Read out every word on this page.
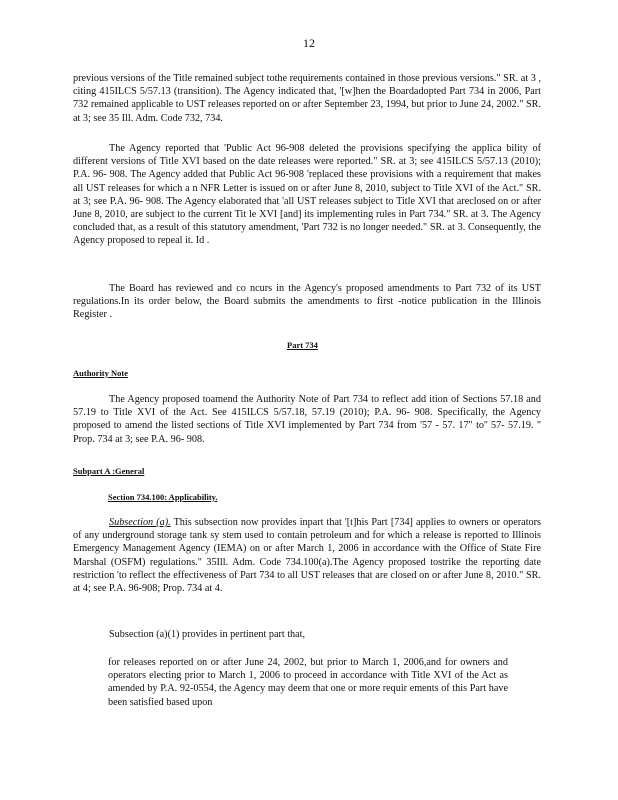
12

previous versions of the Title remained subject tothe requirements contained in those previous versions." SR. at 3 , citing 415ILCS 5/57.13 (transition). The Agency indicated that, '[w]hen the Boardadopted Part 734 in 2006, Part 732 remained applicable to UST releases reported on or after September 23, 1994, but prior to June 24, 2002." SR. at 3; see 35 Ill. Adm. Code 732, 734.

The Agency reported that 'Public Act 96-908 deleted the provisions specifying the applica bility of different versions of Title XVI based on the date releases were reported." SR. at 3; see 415ILCS 5/57.13 (2010); P.A. 96- 908. The Agency added that Public Act 96-908 'replaced these provisions with a requirement that makes all UST releases for which a n NFR Letter is issued on or after June 8, 2010, subject to Title XVI of the Act." SR. at 3; see P.A. 96- 908. The Agency elaborated that 'all UST releases subject to Title XVI that areclosed on or after June 8, 2010, are subject to the current Tit le XVI [and] its implementing rules in Part 734." SR. at 3. The Agency concluded that, as a result of this statutory amendment, 'Part 732 is no longer needed." SR. at 3. Consequently, the Agency proposed to repeal it. Id .

The Board has reviewed and co ncurs in the Agency's proposed amendments to Part 732 of its UST regulations.In its order below, the Board submits the amendments to first -notice publication in the Illinois Register .

Part 734
Authority Note

The Agency proposed toamend the Authority Note of Part 734 to reflect add ition of Sections 57.18 and 57.19 to Title XVI of the Act. See 415ILCS 5/57.18, 57.19 (2010); P.A. 96- 908. Specifically, the Agency proposed to amend the listed sections of Title XVI implemented by Part 734 from '57 - 57. 17" to'' 57- 57.19. " Prop. 734 at 3; see P.A. 96- 908.

Subpart A :General
Section 734.100: Applicability.

Subsection (a). This subsection now provides inpart that '[t]his Part [734] applies to owners or operators of any underground storage tank sy stem used to contain petroleum and for which a release is reported to Illinois Emergency Management Agency (IEMA) on or after March 1, 2006 in accordance with the Office of State Fire Marshal (OSFM) regulations." 35Ill. Adm. Code 734.100(a).The Agency proposed tostrike the reporting date restriction 'to reflect the effectiveness of Part 734 to all UST releases that are closed on or after June 8, 2010." SR. at 4; see P.A. 96-908; Prop. 734 at 4.

Subsection (a)(1) provides in pertinent part that,

for releases reported on or after June 24, 2002, but prior to March 1, 2006,and for owners and operators electing prior to March 1, 2006 to proceed in accordance with Title XVI of the Act as amended by P.A. 92-0554, the Agency may deem that one or more requir ements of this Part have been satisfied based upon
